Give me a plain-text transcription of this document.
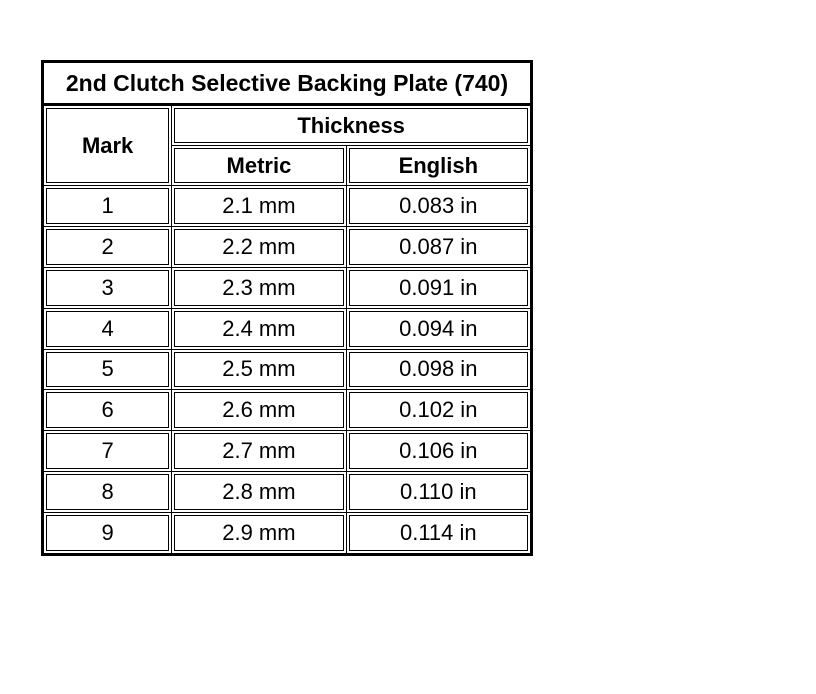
2nd Clutch Selective Backing Plate (740)		
Mark	Thickness	
	Metric	English
1	2.1 mm	0.083 in
2	2.2 mm	0.087 in
3	2.3 mm	0.091 in
4	2.4 mm	0.094 in
5	2.5 mm	0.098 in
6	2.6 mm	0.102 in
7	2.7 mm	0.106 in
8	2.8 mm	0.110 in
9	2.9 mm	0.114 in
